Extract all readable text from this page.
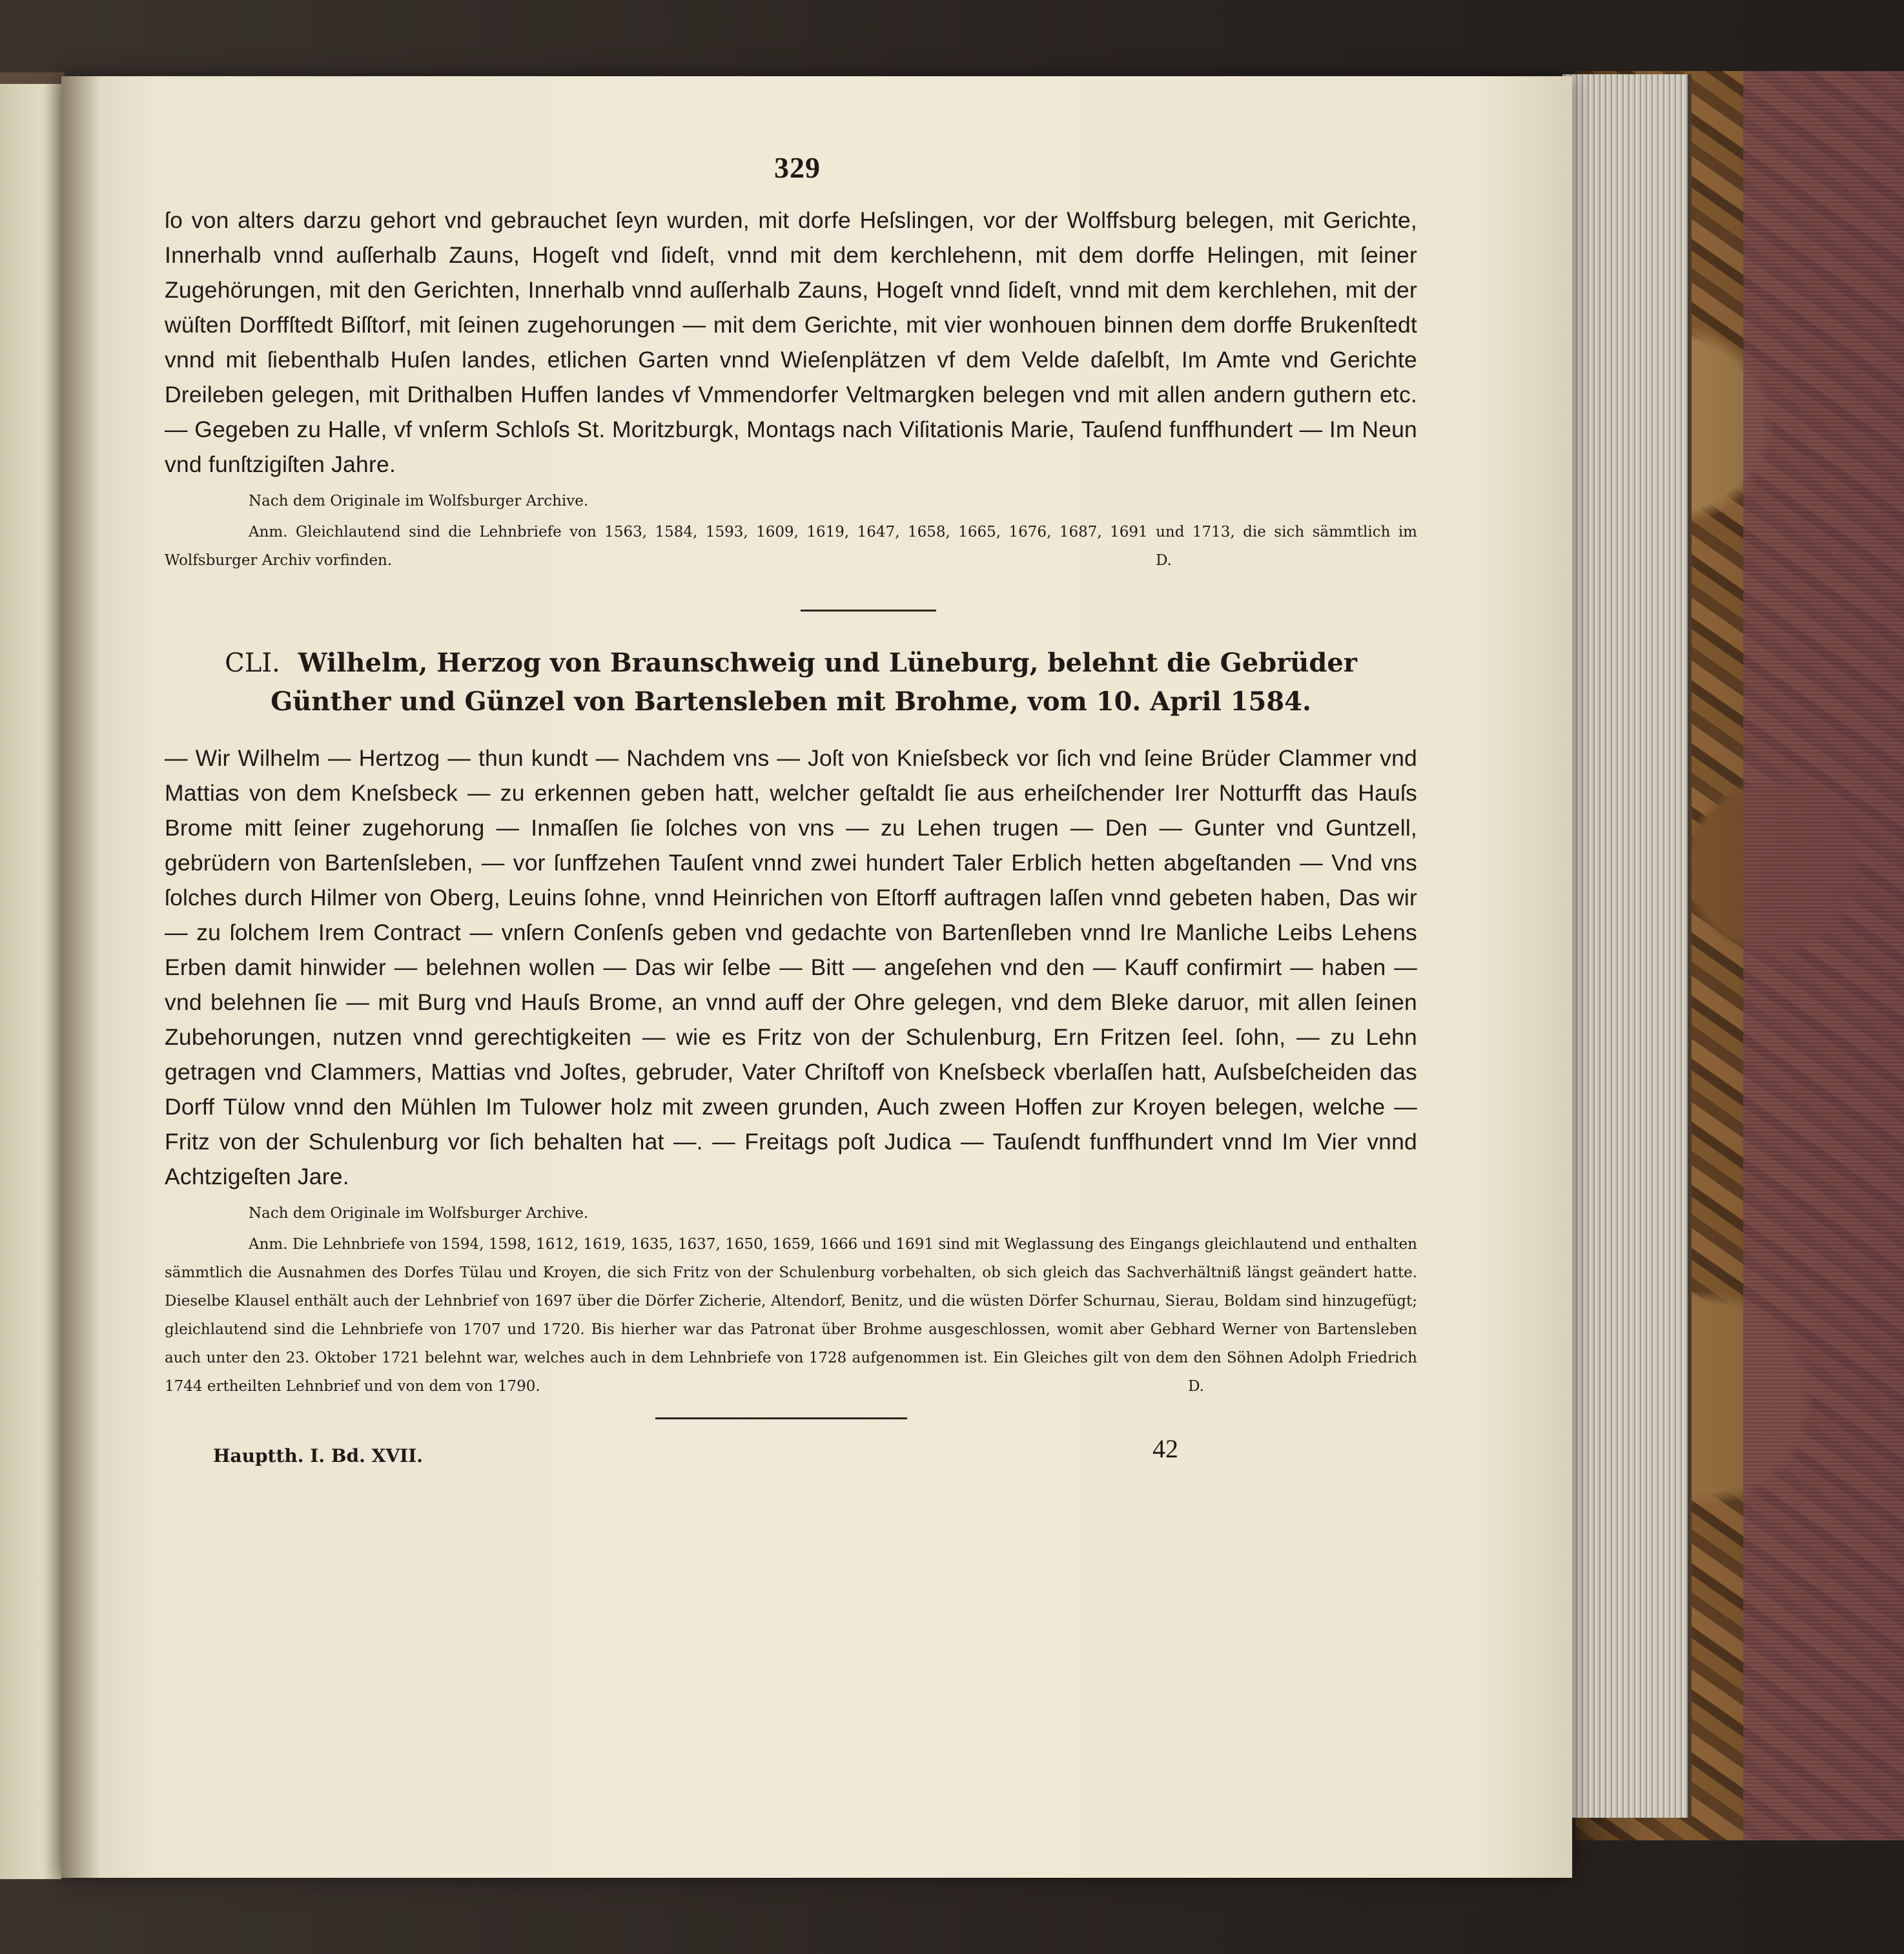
329

ſo von alters darzu gehort vnd gebrauchet ſeyn wurden, mit dorfe Heſslingen, vor der Wolffsburg belegen, mit Gerichte, Innerhalb vnnd auſſerhalb Zauns, Hogeſt vnd ſideſt, vnnd mit dem kerchlehenn, mit dem dorffe Helingen, mit ſeiner Zugehörungen, mit den Gerichten, Innerhalb vnnd auſſerhalb Zauns, Hogeſt vnnd ſideſt, vnnd mit dem kerchlehen, mit der wüſten Dorffſtedt Biſſtorf, mit ſeinen zugehorungen — mit dem Gerichte, mit vier wonhouen binnen dem dorffe Brukenſtedt vnnd mit ſiebenthalb Huſen landes, etlichen Garten vnnd Wieſenplätzen vf dem Velde daſelbſt, Im Amte vnd Gerichte Dreileben gelegen, mit Drithalben Huffen landes vf Vmmendorfer Veltmargken belegen vnd mit allen andern guthern etc. — Gegeben zu Halle, vf vnſerm Schloſs St. Moritzburgk, Montags nach Viſitationis Marie, Tauſend funffhundert — Im Neun vnd funſtzigiſten Jahre.

Nach dem Originale im Wolfsburger Archive.
Anm. Gleichlautend sind die Lehnbriefe von 1563, 1584, 1593, 1609, 1619, 1647, 1658, 1665, 1676, 1687, 1691 und 1713, die sich sämmtlich im Wolfsburger Archiv vorfinden.	D.
CLI. Wilhelm, Herzog von Braunschweig und Lüneburg, belehnt die Gebrüder Günther und Günzel von Bartensleben mit Brohme, vom 10. April 1584.

— Wir Wilhelm — Hertzog — thun kundt — Nachdem vns — Joſt von Knieſsbeck vor ſich vnd ſeine Brüder Clammer vnd Mattias von dem Kneſsbeck — zu erkennen geben hatt, welcher geſtaldt ſie aus erheiſchender Irer Notturfft das Hauſs Brome mitt ſeiner zugehorung — Inmaſſen ſie ſolches von vns — zu Lehen trugen — Den — Gunter vnd Guntzell, gebrüdern von Bartenſsleben, — vor ſunffzehen Tauſent vnnd zwei hundert Taler Erblich hetten abgeſtanden — Vnd vns ſolches durch Hilmer von Oberg, Leuins ſohne, vnnd Heinrichen von Eſtorff auftragen laſſen vnnd gebeten haben, Das wir — zu ſolchem Irem Contract — vnſern Conſenſs geben vnd gedachte von Bartenſleben vnnd Ire Manliche Leibs Lehens Erben damit hinwider — belehnen wollen — Das wir ſelbe — Bitt — angeſehen vnd den — Kauff confirmirt — haben — vnd belehnen ſie — mit Burg vnd Hauſs Brome, an vnnd auff der Ohre gelegen, vnd dem Bleke daruor, mit allen ſeinen Zubehorungen, nutzen vnnd gerechtigkeiten — wie es Fritz von der Schulenburg, Ern Fritzen ſeel. ſohn, — zu Lehn getragen vnd Clammers, Mattias vnd Joſtes, gebruder, Vater Chriſtoff von Kneſsbeck vberlaſſen hatt, Auſsbeſcheiden das Dorff Tülow vnnd den Mühlen Im Tulower holz mit zween grunden, Auch zween Hoffen zur Kroyen belegen, welche — Fritz von der Schulenburg vor ſich behalten hat —. — Freitags poſt Judica — Tauſendt funffhundert vnnd Im Vier vnnd Achtzigeſten Jare.

Nach dem Originale im Wolfsburger Archive.
Anm. Die Lehnbriefe von 1594, 1598, 1612, 1619, 1635, 1637, 1650, 1659, 1666 und 1691 sind mit Weglassung des Eingangs gleichlautend und enthalten sämmtlich die Ausnahmen des Dorfes Tülau und Kroyen, die sich Fritz von der Schulenburg vorbehalten, ob sich gleich das Sachverhältniß längst geändert hatte. Dieselbe Klausel enthält auch der Lehnbrief von 1697 über die Dörfer Zicherie, Altendorf, Benitz, und die wüsten Dörfer Schurnau, Sierau, Boldam sind hinzugefügt; gleichlautend sind die Lehnbriefe von 1707 und 1720. Bis hierher war das Patronat über Brohme ausgeschlossen, womit aber Gebhard Werner von Bartensleben auch unter den 23. Oktober 1721 belehnt war, welches auch in dem Lehnbriefe von 1728 aufgenommen ist. Ein Gleiches gilt von dem den Söhnen Adolph Friedrich 1744 ertheilten Lehnbrief und von dem von 1790.	D.
Hauptth. I. Bd. XVII.	42
